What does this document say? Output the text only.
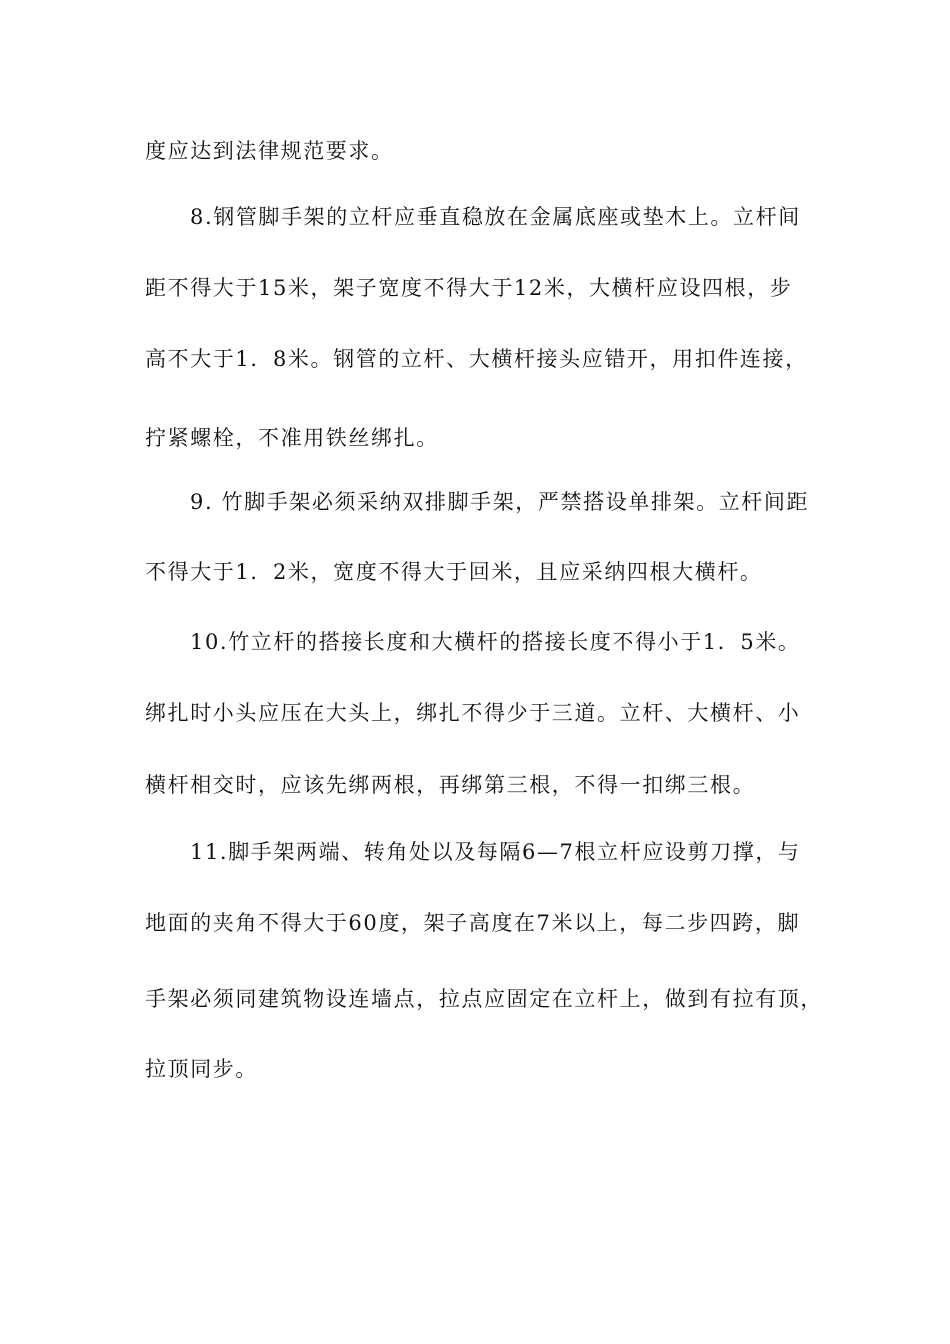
度应达到法律规范要求。
8.钢管脚手架的立杆应垂直稳放在金属底座或垫木上。立杆间
距不得大于15米，架子宽度不得大于12米，大横杆应设四根，步
高不大于1．8米。钢管的立杆、大横杆接头应错开，用扣件连接，
拧紧螺栓，不准用铁丝绑扎。
9. 竹脚手架必须采纳双排脚手架，严禁搭设单排架。立杆间距
不得大于1．2米，宽度不得大于回米，且应采纳四根大横杆。
10.竹立杆的搭接长度和大横杆的搭接长度不得小于1．5米。
绑扎时小头应压在大头上，绑扎不得少于三道。立杆、大横杆、小
横杆相交时，应该先绑两根，再绑第三根，不得一扣绑三根。
11.脚手架两端、转角处以及每隔6—7根立杆应设剪刀撑，与
地面的夹角不得大于60度，架子高度在7米以上，每二步四跨，脚
手架必须同建筑物设连墙点，拉点应固定在立杆上，做到有拉有顶，
拉顶同步。
